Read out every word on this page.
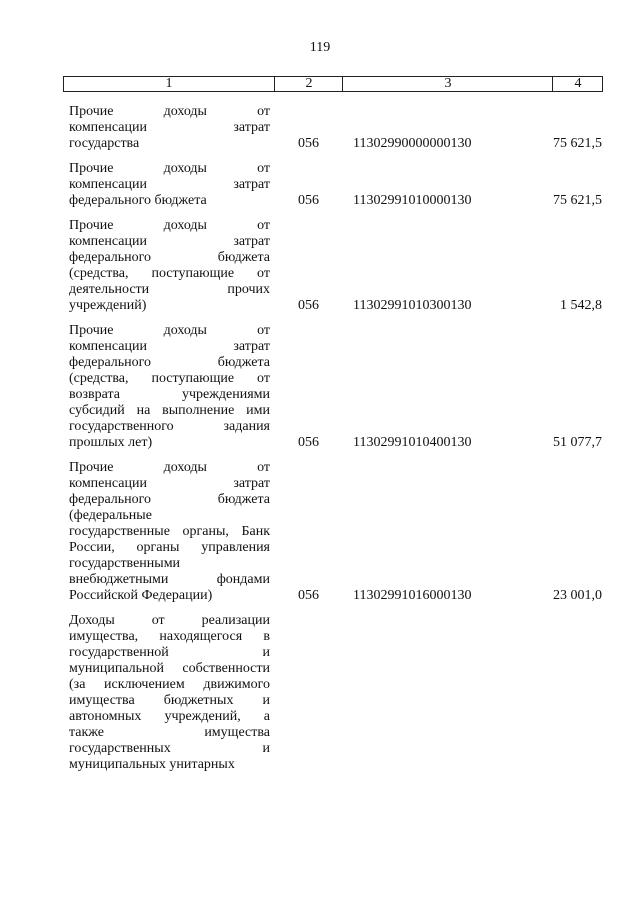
119
1	2	3	4
Прочие доходы от
компенсации затрат
государства	056 11302990000000130	75 621,5
Прочие доходы от
компенсации затрат
федерального бюджета	056 11302991010000130	75 621,5
Прочие доходы от
компенсации затрат
федерального бюджета
(средства, поступающие от
деятельности прочих
учреждений)	056 11302991010300130	1 542,8
Прочие доходы от
компенсации затрат
федерального бюджета
(средства, поступающие от
возврата учреждениями
субсидий на выполнение ими
государственного задания
прошлых лет)	056 11302991010400130	51 077,7
Прочие доходы от
компенсации затрат
федерального бюджета
(федеральные
государственные органы, Банк
России, органы управления
государственными
внебюджетными фондами
Российской Федерации)	056 11302991016000130	23 001,0
Доходы от реализации
имущества, находящегося в
государственной и
муниципальной собственности
(за исключением движимого
имущества бюджетных и
автономных учреждений, а
также имущества
государственных и
муниципальных унитарных
